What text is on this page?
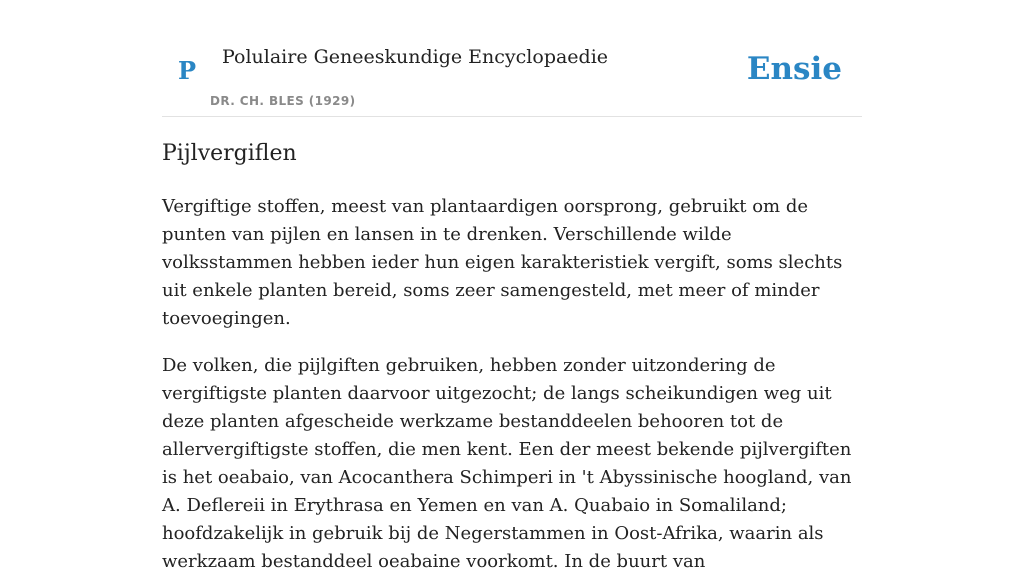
P Polulaire Geneeskundige Encyclopaedie
DR. CH. BLES (1929)
Ensie
Pijlvergiflen

Vergiftige stoffen, meest van plantaardigen oorsprong, gebruikt om de punten van pijlen en lansen in te drenken. Verschillende wilde volksstammen hebben ieder hun eigen karakteristiek vergift, soms slechts uit enkele planten bereid, soms zeer samengesteld, met meer of minder toevoegingen.

De volken, die pijlgiften gebruiken, hebben zonder uitzondering de vergiftigste planten daarvoor uitgezocht; de langs scheikundigen weg uit deze planten afgescheide werkzame bestanddeelen behooren tot de allervergiftigste stoffen, die men kent. Een der meest bekende pijlvergiften is het oeabaio, van Acocanthera Schimperi in 't Abyssinische hoogland, van A. Deflereii in Erythrasa en Yemen en van A. Quabaio in Somaliland; hoofdzakelijk in gebruik bij de Negerstammen in Oost-Afrika, waarin als werkzaam bestanddeel oeabaine voorkomt. In de buurt van
